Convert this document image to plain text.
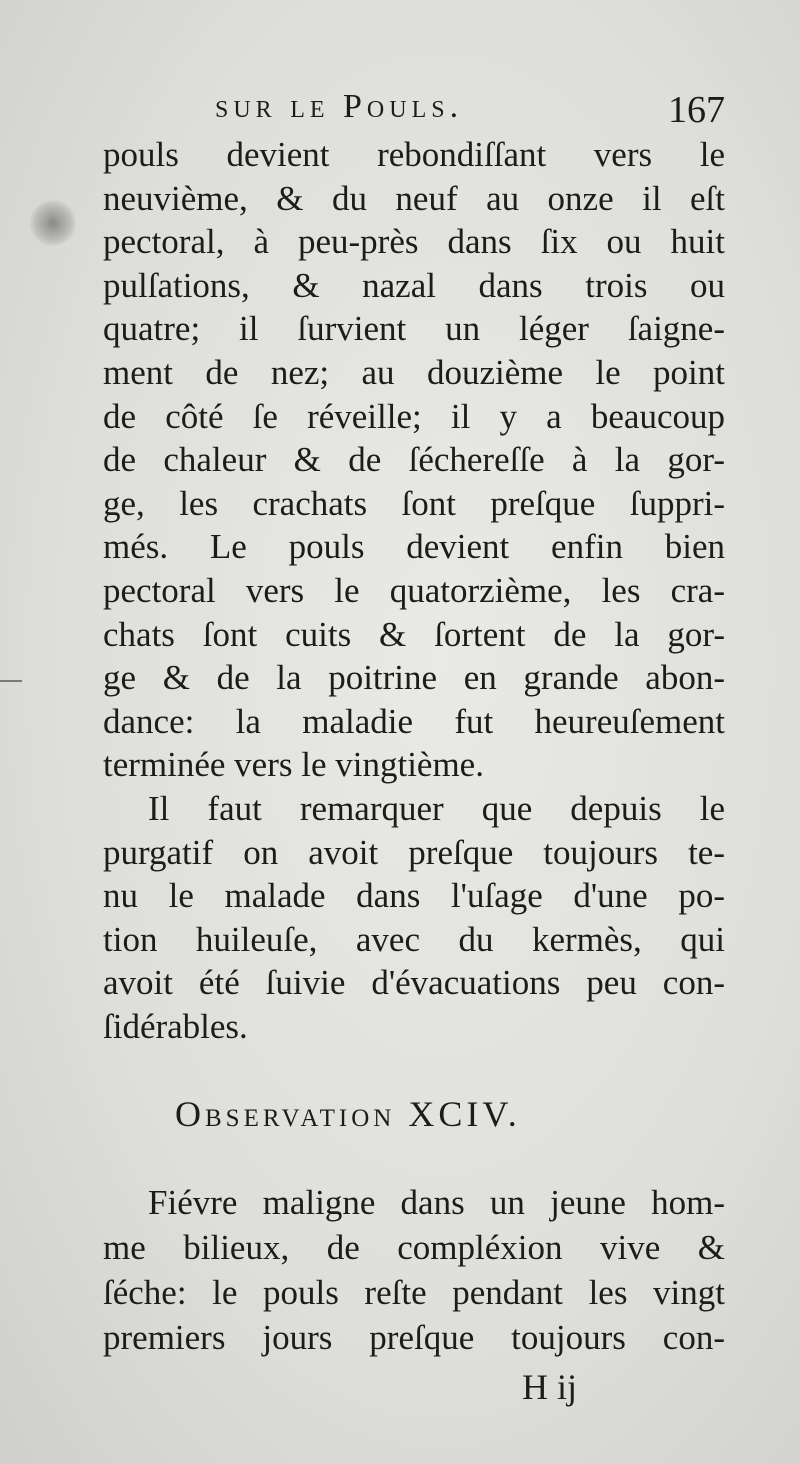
sur le Pouls.	167
pouls devient rebondiſſant vers le
neuvième, & du neuf au onze il eſt
pectoral, à peu-près dans ſix ou huit
pulſations, & nazal dans trois ou
quatre; il ſurvient un léger ſaigne-
ment de nez; au douzième le point
de côté ſe réveille; il y a beaucoup
de chaleur & de ſécherеſſe à la gor-
ge, les crachats ſont preſque ſuppri-
més. Le pouls devient enfin bien
pectoral vers le quatorzième, les cra-
chats ſont cuits & ſortent de la gor-
ge & de la poitrine en grande abon-
dance: la maladie fut heureuſement
terminée vers le vingtième.
Il faut remarquer que depuis le
purgatif on avoit preſque toujours te-
nu le malade dans l'uſage d'une po-
tion huileuſe, avec du kermès, qui
avoit été ſuivie d'évacuations peu con-
ſidérables.
Observation XCIV.
Fiévre maligne dans un jeune hom-
me bilieux, de compléxion vive &
ſéche: le pouls reſte pendant les vingt
premiers jours preſque toujours con-
H ij
